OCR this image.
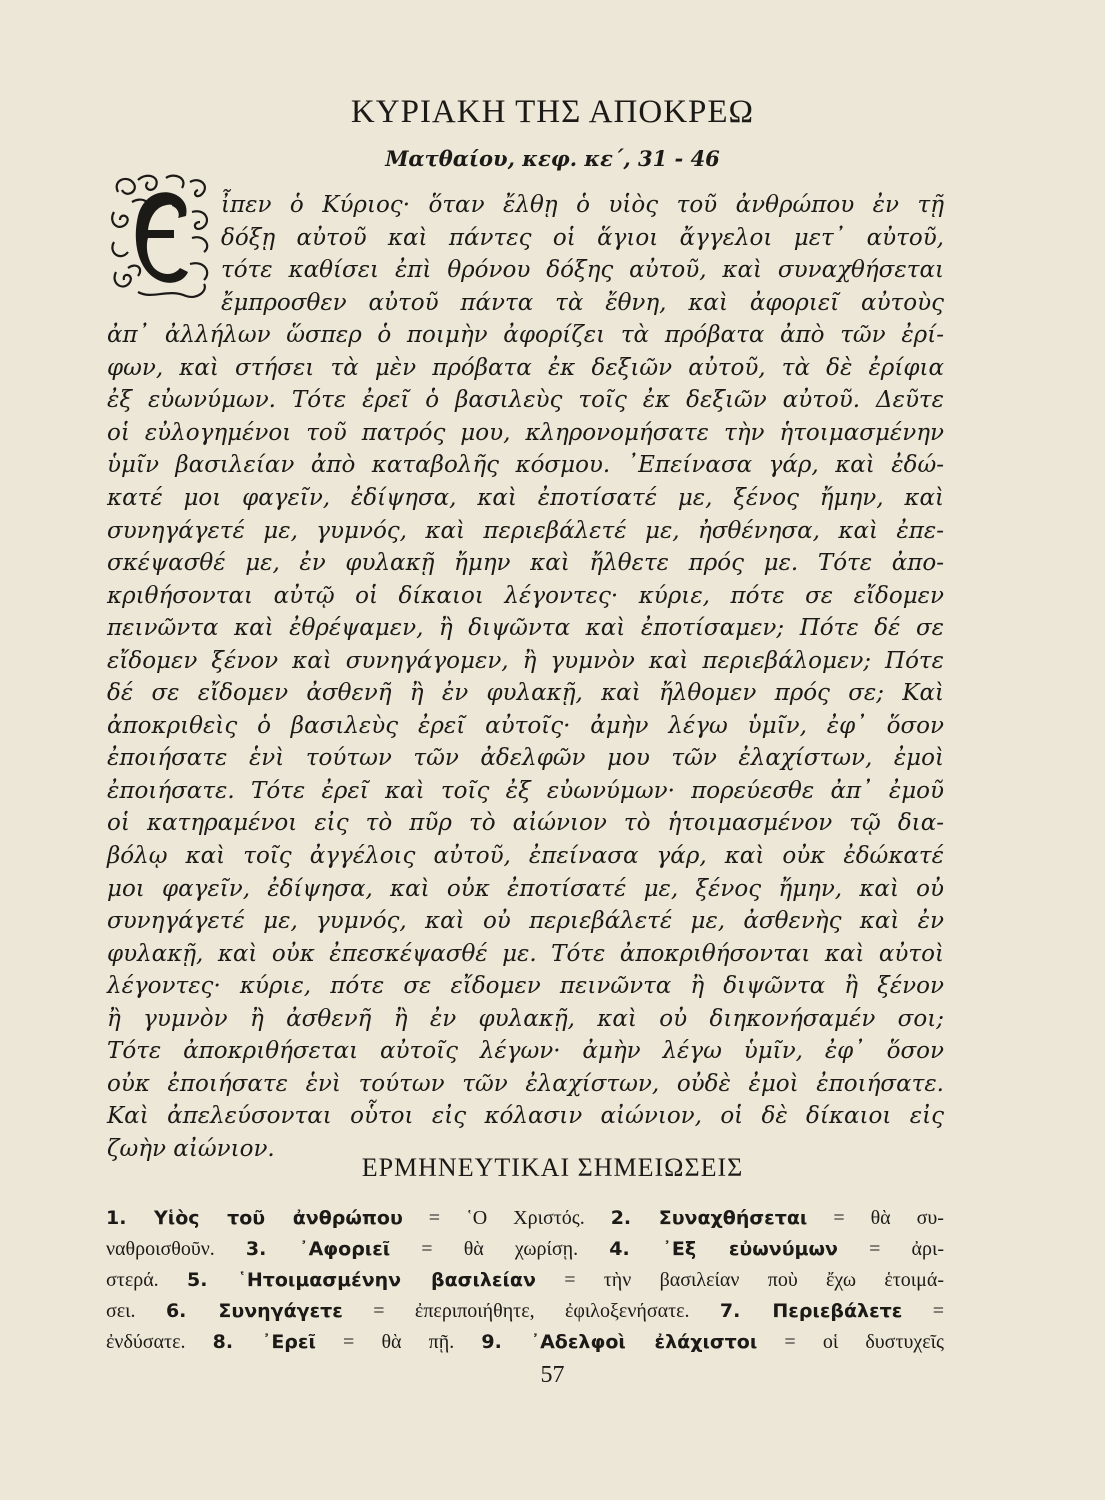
ΚΥΡΙΑΚΗ ΤΗΣ ΑΠΟΚΡΕΩ
Ματθαίου, κεφ. κε΄, 31 - 46
ἶπεν ὁ Κύριος· ὅταν ἔλθῃ ὁ υἱὸς τοῦ ἀνθρώπου ἐν τῇ
δόξῃ αὐτοῦ καὶ πάντες οἱ ἅγιοι ἄγγελοι μετ᾽ αὐτοῦ,
τότε καθίσει ἐπὶ θρόνου δόξης αὐτοῦ, καὶ συναχθήσεται
ἔμπροσθεν αὐτοῦ πάντα τὰ ἔθνη, καὶ ἀφοριεῖ αὐτοὺς
ἀπ᾽ ἀλλήλων ὥσπερ ὁ ποιμὴν ἀφορίζει τὰ πρόβατα ἀπὸ τῶν ἐρί-
φων, καὶ στήσει τὰ μὲν πρόβατα ἐκ δεξιῶν αὐτοῦ, τὰ δὲ ἐρίφια
ἐξ εὐωνύμων. Τότε ἐρεῖ ὁ βασιλεὺς τοῖς ἐκ δεξιῶν αὐτοῦ. Δεῦτε
οἱ εὐλογημένοι τοῦ πατρός μου, κληρονομήσατε τὴν ἡτοιμασμένην
ὑμῖν βασιλείαν ἀπὸ καταβολῆς κόσμου. ᾽Επείνασα γάρ, καὶ ἐδώ-
κατέ μοι φαγεῖν, ἐδίψησα, καὶ ἐποτίσατέ με, ξένος ἤμην, καὶ
συνηγάγετέ με, γυμνός, καὶ περιεβάλετέ με, ἠσθένησα, καὶ ἐπε-
σκέψασθέ με, ἐν φυλακῇ ἤμην καὶ ἤλθετε πρός με. Τότε ἀπο-
κριθήσονται αὐτῷ οἱ δίκαιοι λέγοντες· κύριε, πότε σε εἴδομεν
πεινῶντα καὶ ἐθρέψαμεν, ἢ διψῶντα καὶ ἐποτίσαμεν; Πότε δέ σε
εἴδομεν ξένον καὶ συνηγάγομεν, ἢ γυμνὸν καὶ περιεβάλομεν; Πότε
δέ σε εἴδομεν ἀσθενῆ ἢ ἐν φυλακῇ, καὶ ἤλθομεν πρός σε; Καὶ
ἀποκριθεὶς ὁ βασιλεὺς ἐρεῖ αὐτοῖς· ἀμὴν λέγω ὑμῖν, ἐφ᾽ ὅσον
ἐποιήσατε ἑνὶ τούτων τῶν ἀδελφῶν μου τῶν ἐλαχίστων, ἐμοὶ
ἐποιήσατε. Τότε ἐρεῖ καὶ τοῖς ἐξ εὐωνύμων· πορεύεσθε ἀπ᾽ ἐμοῦ
οἱ κατηραμένοι εἰς τὸ πῦρ τὸ αἰώνιον τὸ ἡτοιμασμένον τῷ δια-
βόλῳ καὶ τοῖς ἀγγέλοις αὐτοῦ, ἐπείνασα γάρ, καὶ οὐκ ἐδώκατέ
μοι φαγεῖν, ἐδίψησα, καὶ οὐκ ἐποτίσατέ με, ξένος ἤμην, καὶ οὐ
συνηγάγετέ με, γυμνός, καὶ οὐ περιεβάλετέ με, ἀσθενὴς καὶ ἐν
φυλακῇ, καὶ οὐκ ἐπεσκέψασθέ με. Τότε ἀποκριθήσονται καὶ αὐτοὶ
λέγοντες· κύριε, πότε σε εἴδομεν πεινῶντα ἢ διψῶντα ἢ ξένον
ἢ γυμνὸν ἢ ἀσθενῆ ἢ ἐν φυλακῇ, καὶ οὐ διηκονήσαμέν σοι;
Τότε ἀποκριθήσεται αὐτοῖς λέγων· ἀμὴν λέγω ὑμῖν, ἐφ᾽ ὅσον
οὐκ ἐποιήσατε ἑνὶ τούτων τῶν ἐλαχίστων, οὐδὲ ἐμοὶ ἐποιήσατε.
Καὶ ἀπελεύσονται οὗτοι εἰς κόλασιν αἰώνιον, οἱ δὲ δίκαιοι εἰς
ζωὴν αἰώνιον.
ΕΡΜΗΝΕΥΤΙΚΑΙ ΣΗΜΕΙΩΣΕΙΣ
1. Υἱὸς τοῦ ἀνθρώπου = ῾Ο Χριστός. 2. Συναχθήσεται = θὰ συ-
ναθροισθοῦν. 3. ᾽Αφοριεῖ = θὰ χωρίσῃ. 4. ᾽Εξ εὐωνύμων = ἀρι-
στερά. 5. ῾Ητοιμασμένην βασιλείαν = τὴν βασιλείαν ποὺ ἔχω ἑτοιμά-
σει. 6. Συνηγάγετε = ἐπεριποιήθητε, ἐφιλοξενήσατε. 7. Περιεβάλετε =
ἐνδύσατε. 8. ᾽Ερεῖ = θὰ πῇ. 9. ᾽Αδελφοὶ ἐλάχιστοι = οἱ δυστυχεῖς
57
